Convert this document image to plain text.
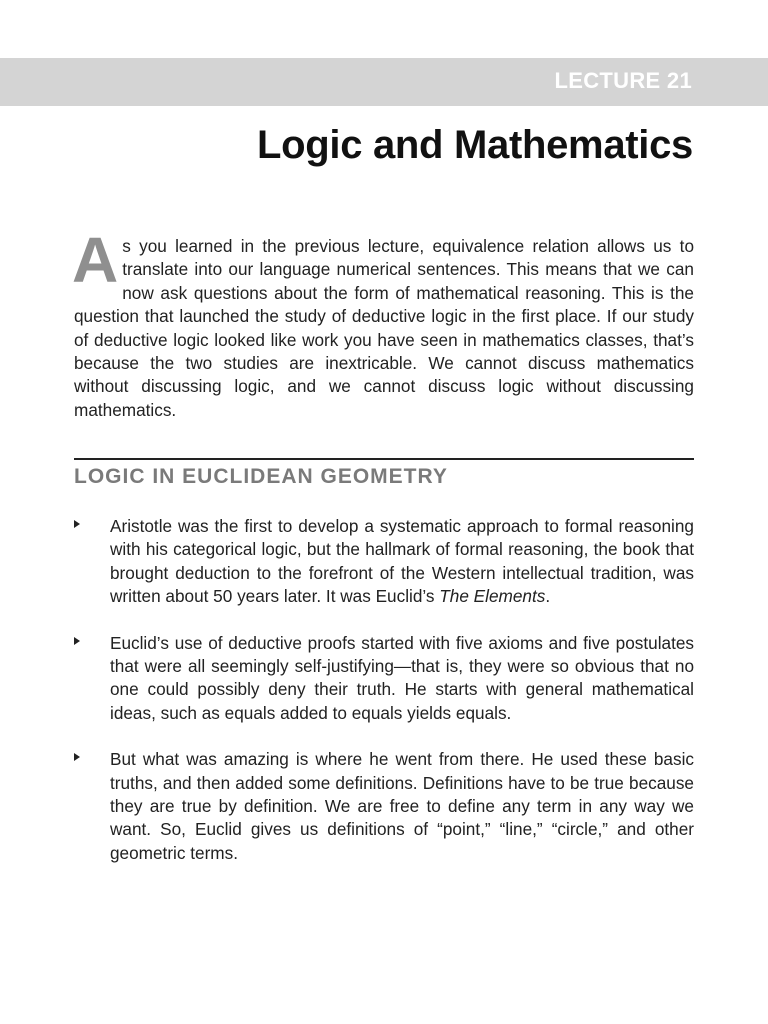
LECTURE 21
Logic and Mathematics
As you learned in the previous lecture, equivalence relation allows us to translate into our language numerical sentences. This means that we can now ask questions about the form of mathematical reasoning. This is the question that launched the study of deductive logic in the first place. If our study of deductive logic looked like work you have seen in mathematics classes, that’s because the two studies are inextricable. We cannot discuss mathematics without discussing logic, and we cannot discuss logic without discussing mathematics.
LOGIC IN EUCLIDEAN GEOMETRY
Aristotle was the first to develop a systematic approach to formal reasoning with his categorical logic, but the hallmark of formal reasoning, the book that brought deduction to the forefront of the Western intellectual tradition, was written about 50 years later. It was Euclid’s The Elements.
Euclid’s use of deductive proofs started with five axioms and five postulates that were all seemingly self-justifying—that is, they were so obvious that no one could possibly deny their truth. He starts with general mathematical ideas, such as equals added to equals yields equals.
But what was amazing is where he went from there. He used these basic truths, and then added some definitions. Definitions have to be true because they are true by definition. We are free to define any term in any way we want. So, Euclid gives us definitions of “point,” “line,” “circle,” and other geometric terms.
